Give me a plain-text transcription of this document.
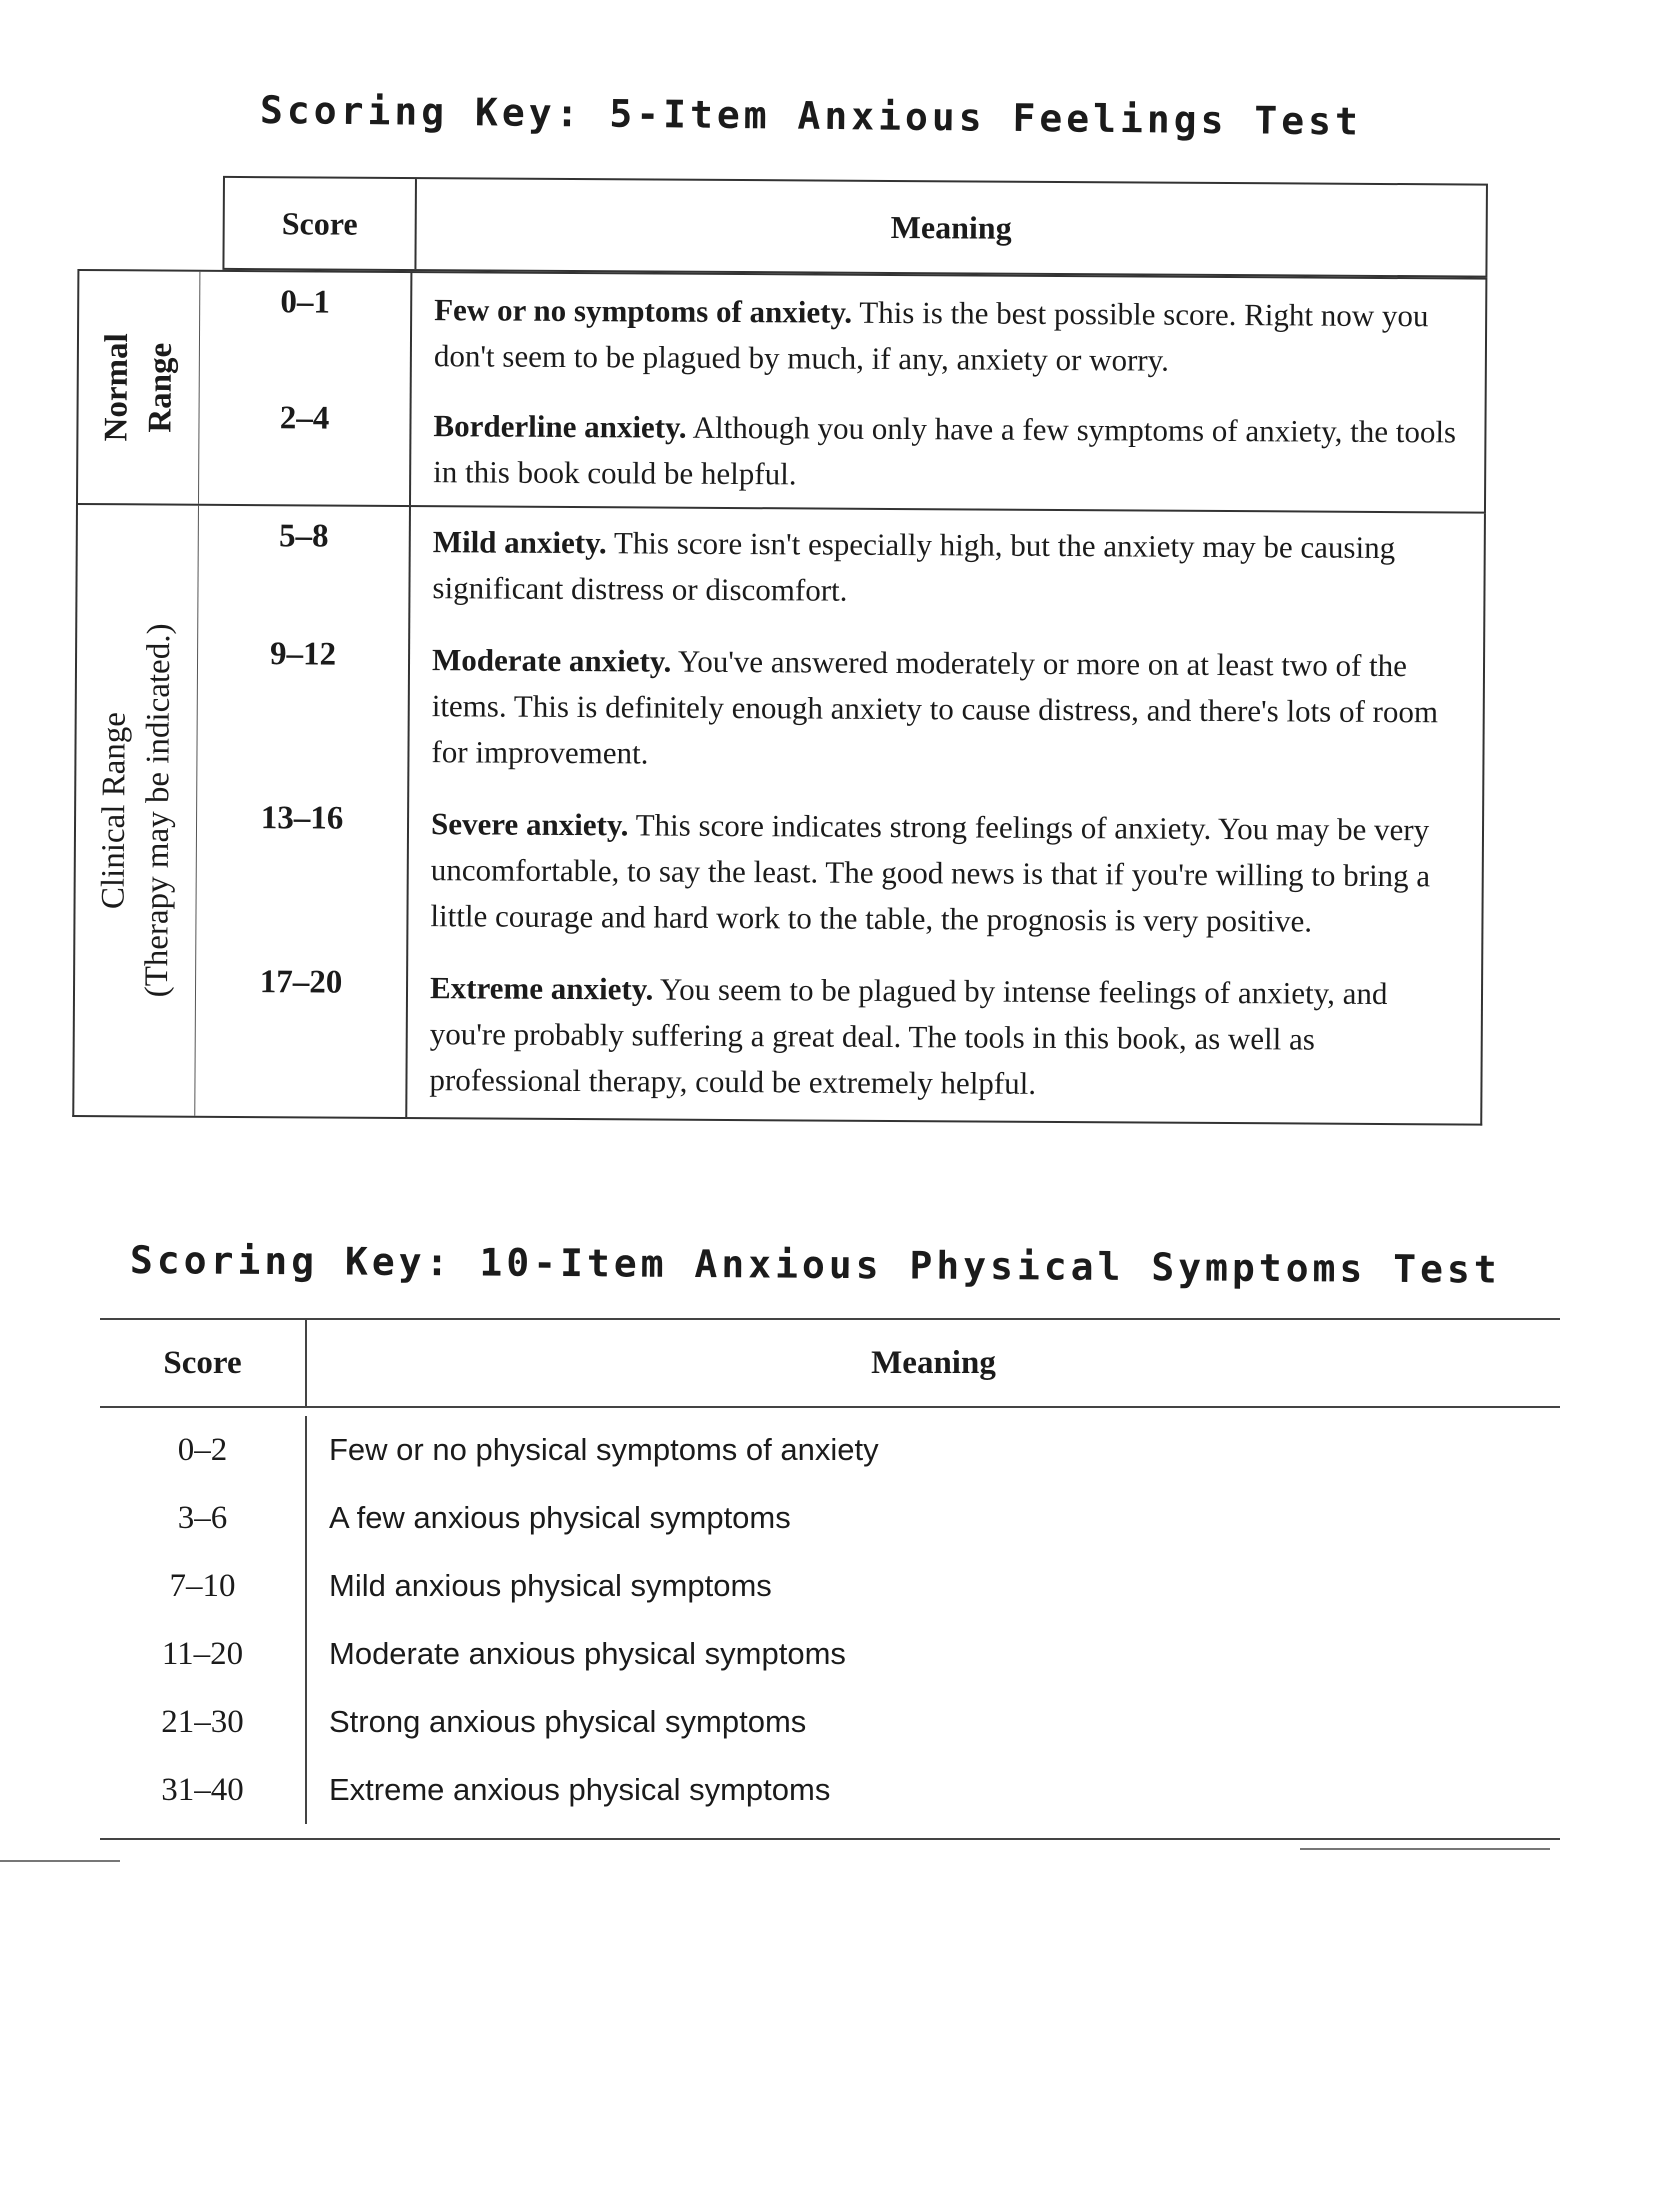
Scoring Key: 5-Item Anxious Feelings Test
Score	Meaning
Normal Range
0–1	Few or no symptoms of anxiety. This is the best possible score. Right now you don't seem to be plagued by much, if any, anxiety or worry.
2–4	Borderline anxiety. Although you only have a few symptoms of anxiety, the tools in this book could be helpful.
Clinical Range (Therapy may be indicated.)
5–8	Mild anxiety. This score isn't especially high, but the anxiety may be causing significant distress or discomfort.
9–12	Moderate anxiety. You've answered moderately or more on at least two of the items. This is definitely enough anxiety to cause distress, and there's lots of room for improvement.
13–16	Severe anxiety. This score indicates strong feelings of anxiety. You may be very uncomfortable, to say the least. The good news is that if you're willing to bring a little courage and hard work to the table, the prognosis is very positive.
17–20	Extreme anxiety. You seem to be plagued by intense feelings of anxiety, and you're probably suffering a great deal. The tools in this book, as well as professional therapy, could be extremely helpful.
Scoring Key: 10-Item Anxious Physical Symptoms Test
Score	Meaning
0–2	Few or no physical symptoms of anxiety
3–6	A few anxious physical symptoms
7–10	Mild anxious physical symptoms
11–20	Moderate anxious physical symptoms
21–30	Strong anxious physical symptoms
31–40	Extreme anxious physical symptoms
